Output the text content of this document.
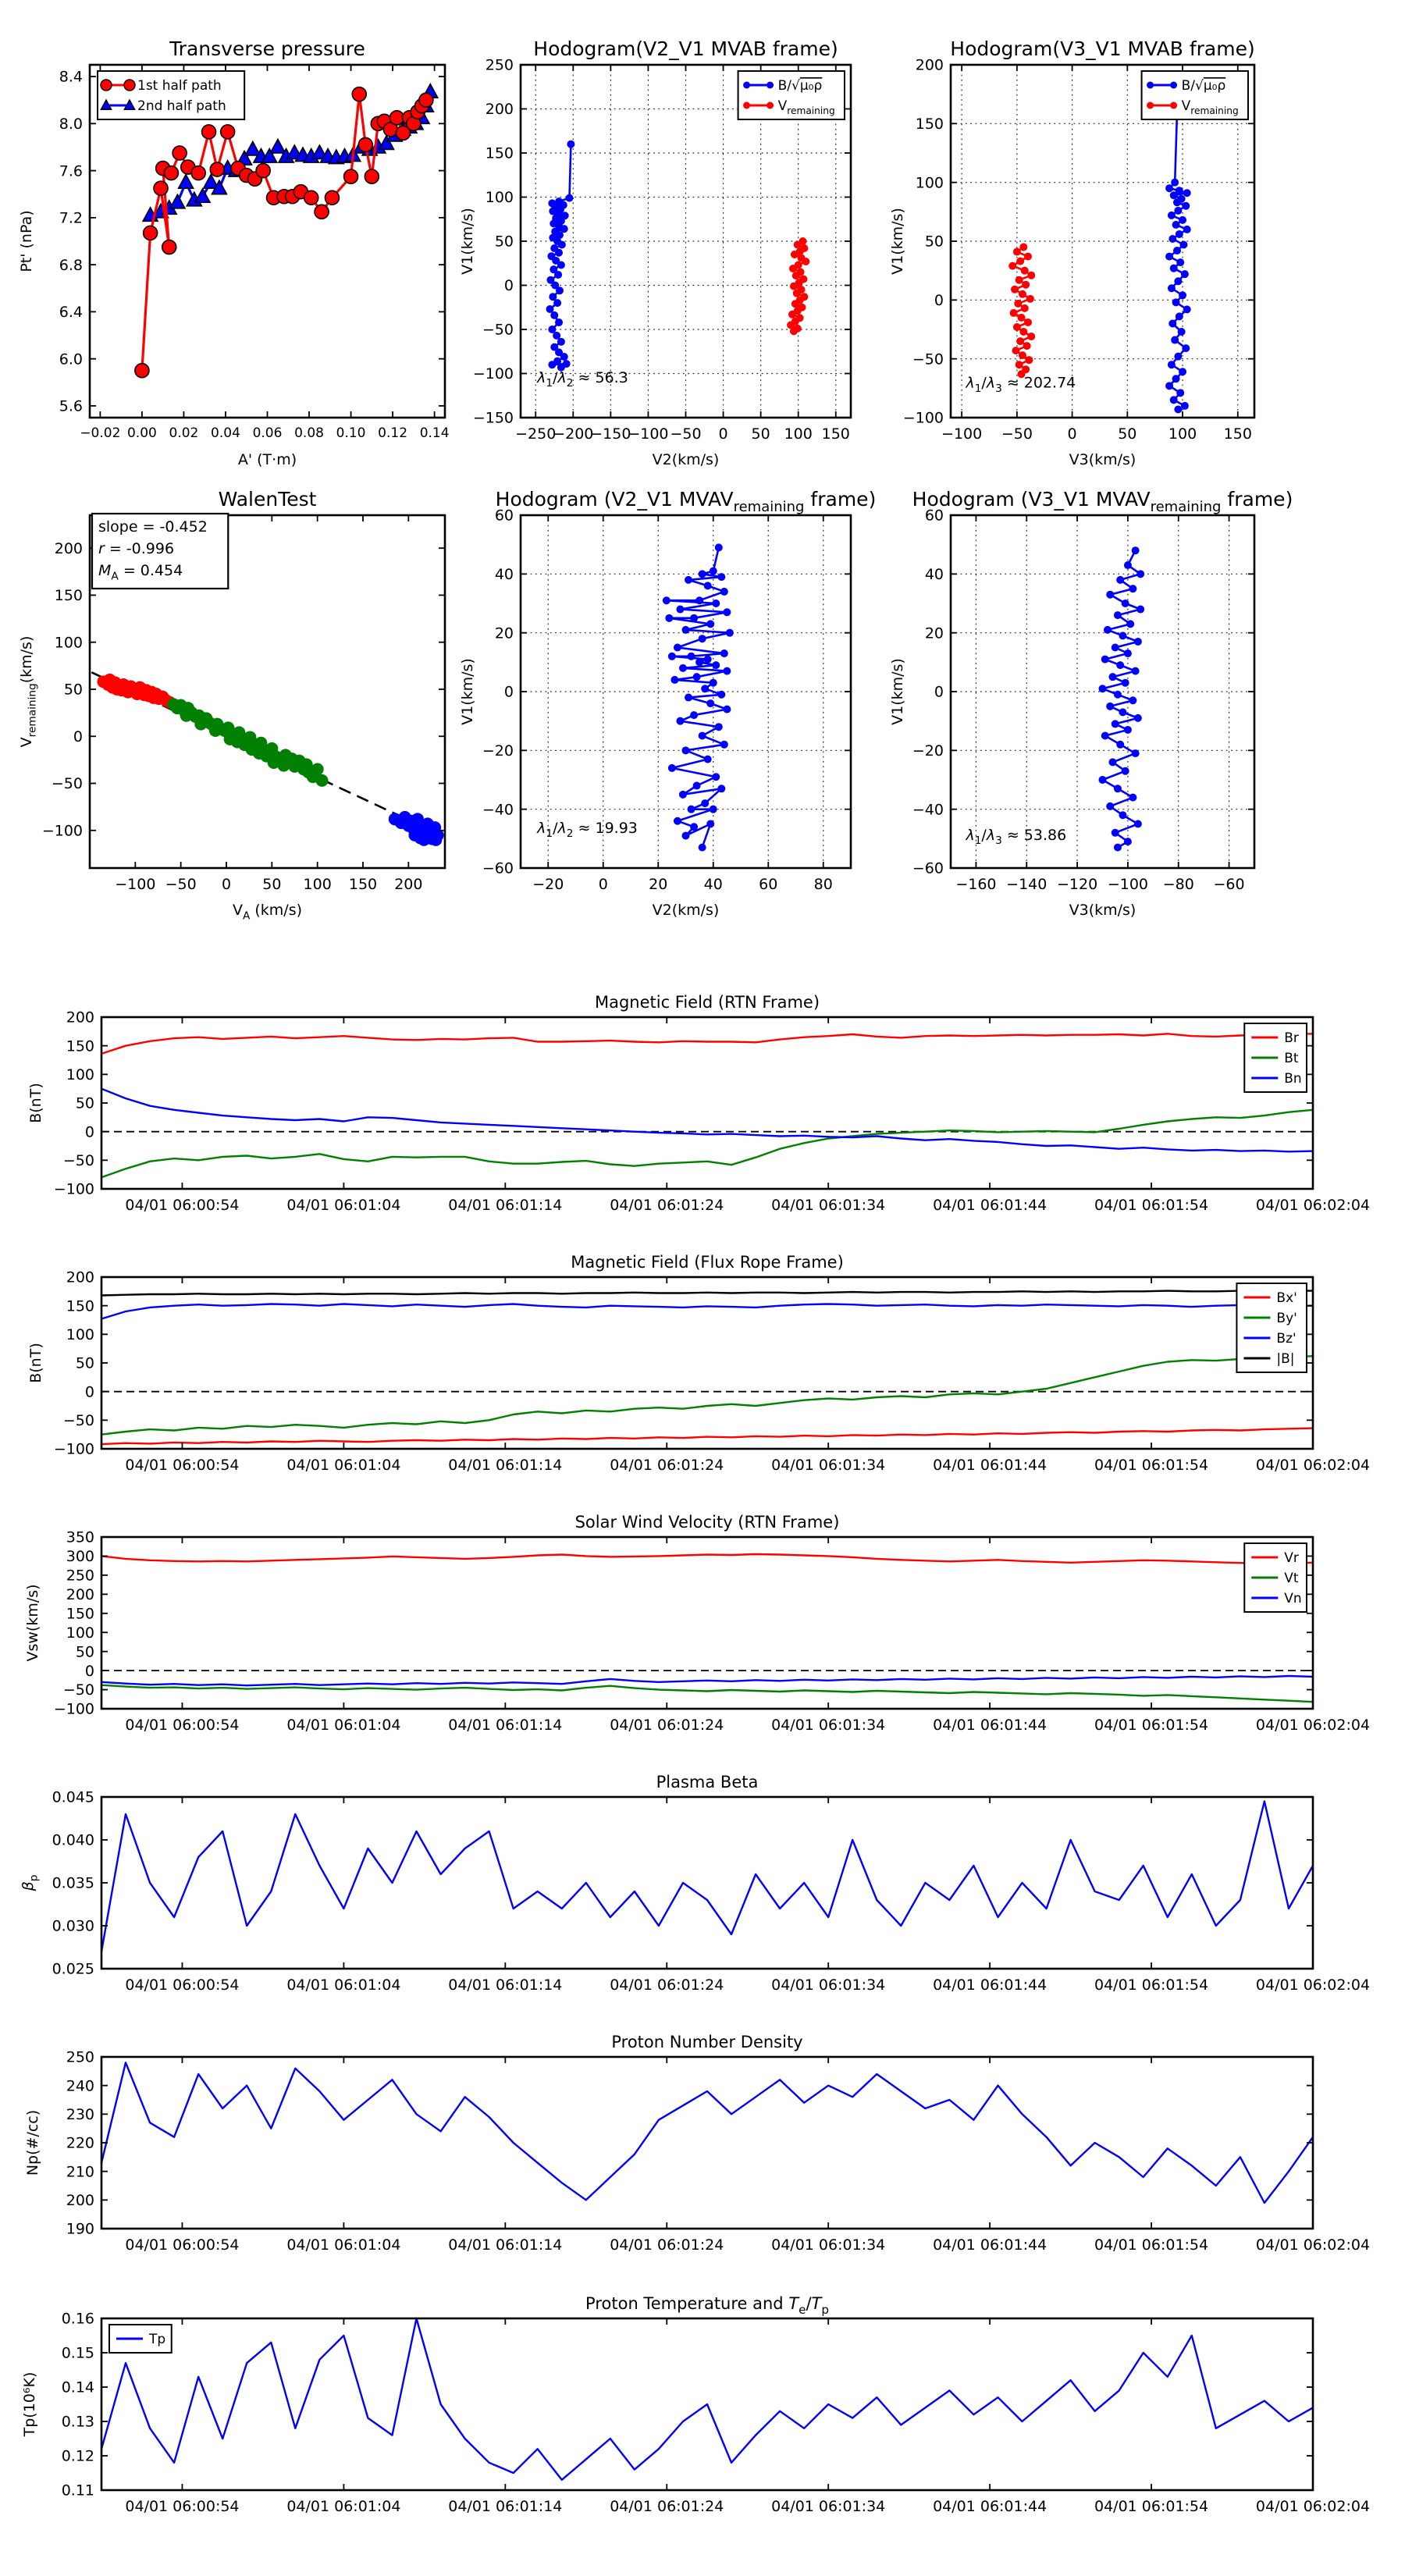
−0.02 0.00 0.02 0.04 0.06 0.08 0.10 0.12 0.14
5.6
6.0
6.4
6.8
7.2
7.6
8.0
8.4
Transverse pressure
A' (T·m)
Pt' (nPa)
1st half path
2nd half path
−250
−200
−150
−100 −50 0 50 100 150
−150
−100
−50
0
50
100
150
200
250
Hodogram(V2_V1 MVAB frame)
V2(km/s)
V1(km/s)
$\lambda_1/\lambda_2 \approx 56.3$
B/√μ₀ρ
$V_{remaining}$
−100 −50 0	50 100 150
−100
−50
0
50
100
150
200
Hodogram(V3_V1 MVAB frame)
V3(km/s)
V1(km/s)
$\lambda_1/\lambda_3 \approx 202.74$
B/√μ₀ρ
$V_{remaining}$
−100 −50 0 50 100 150 200
−100
−50
0
50
100
150
200
WalenTest
$V_A$ (km/s)
$V_{remaining}(km/s)$
slope = -0.452
r = -0.996
$M_A = 0.454$
−20 0	20 40 60 80
−60
−40
−20
0
20
40
60
Hodogram (V2_V1 $MVAV_{remaining}$ frame)
V2(km/s)
V1(km/s)
$\lambda_1/\lambda_2 \approx 19.93$
−160 −140 −120 −100 −80 −60
−60
−40
−20
0
20
40
60
Hodogram (V3_V1 $MVAV_{remaining}$ frame)
V3(km/s)
V1(km/s)
$\lambda_1/\lambda_3 \approx 53.86$
04/01 06:00:54	04/01 06:01:04	04/01 06:01:14	04/01 06:01:24	04/01 06:01:34	04/01 06:01:44	04/01 06:01:54	04/01 06:02:04
−100
−50
0
50
100
150
200
Magnetic Field (RTN Frame)
B(nT)
Br
Bt
Bn
04/01 06:00:54	04/01 06:01:04	04/01 06:01:14	04/01 06:01:24	04/01 06:01:34	04/01 06:01:44	04/01 06:01:54	04/01 06:02:04
−100
−50
0
50
100
150
200
Magnetic Field (Flux Rope Frame)
B(nT)
Bx'
By'
Bz'
|B|
04/01 06:00:54	04/01 06:01:04	04/01 06:01:14	04/01 06:01:24	04/01 06:01:34	04/01 06:01:44	04/01 06:01:54	04/01 06:02:04
−100
−50
0
50
100
150
200
250
300
350
Solar Wind Velocity (RTN Frame)
Vsw(km/s)
Vr
Vt
Vn
04/01 06:00:54	04/01 06:01:04	04/01 06:01:14	04/01 06:01:24	04/01 06:01:34	04/01 06:01:44	04/01 06:01:54	04/01 06:02:04
0.025
0.030
0.035
0.040
0.045
Plasma Beta
$\beta_p$
04/01 06:00:54	04/01 06:01:04	04/01 06:01:14	04/01 06:01:24	04/01 06:01:34	04/01 06:01:44	04/01 06:01:54	04/01 06:02:04
190
200
210
220
230
240
250
Proton Number Density
Np(#/cc)
04/01 06:00:54	04/01 06:01:04	04/01 06:01:14	04/01 06:01:24	04/01 06:01:34	04/01 06:01:44	04/01 06:01:54	04/01 06:02:04
0.11
0.12
0.13
0.14
0.15
0.16
Proton Temperature and $T_e/T_p$
Tp(10⁶K)
Tp
